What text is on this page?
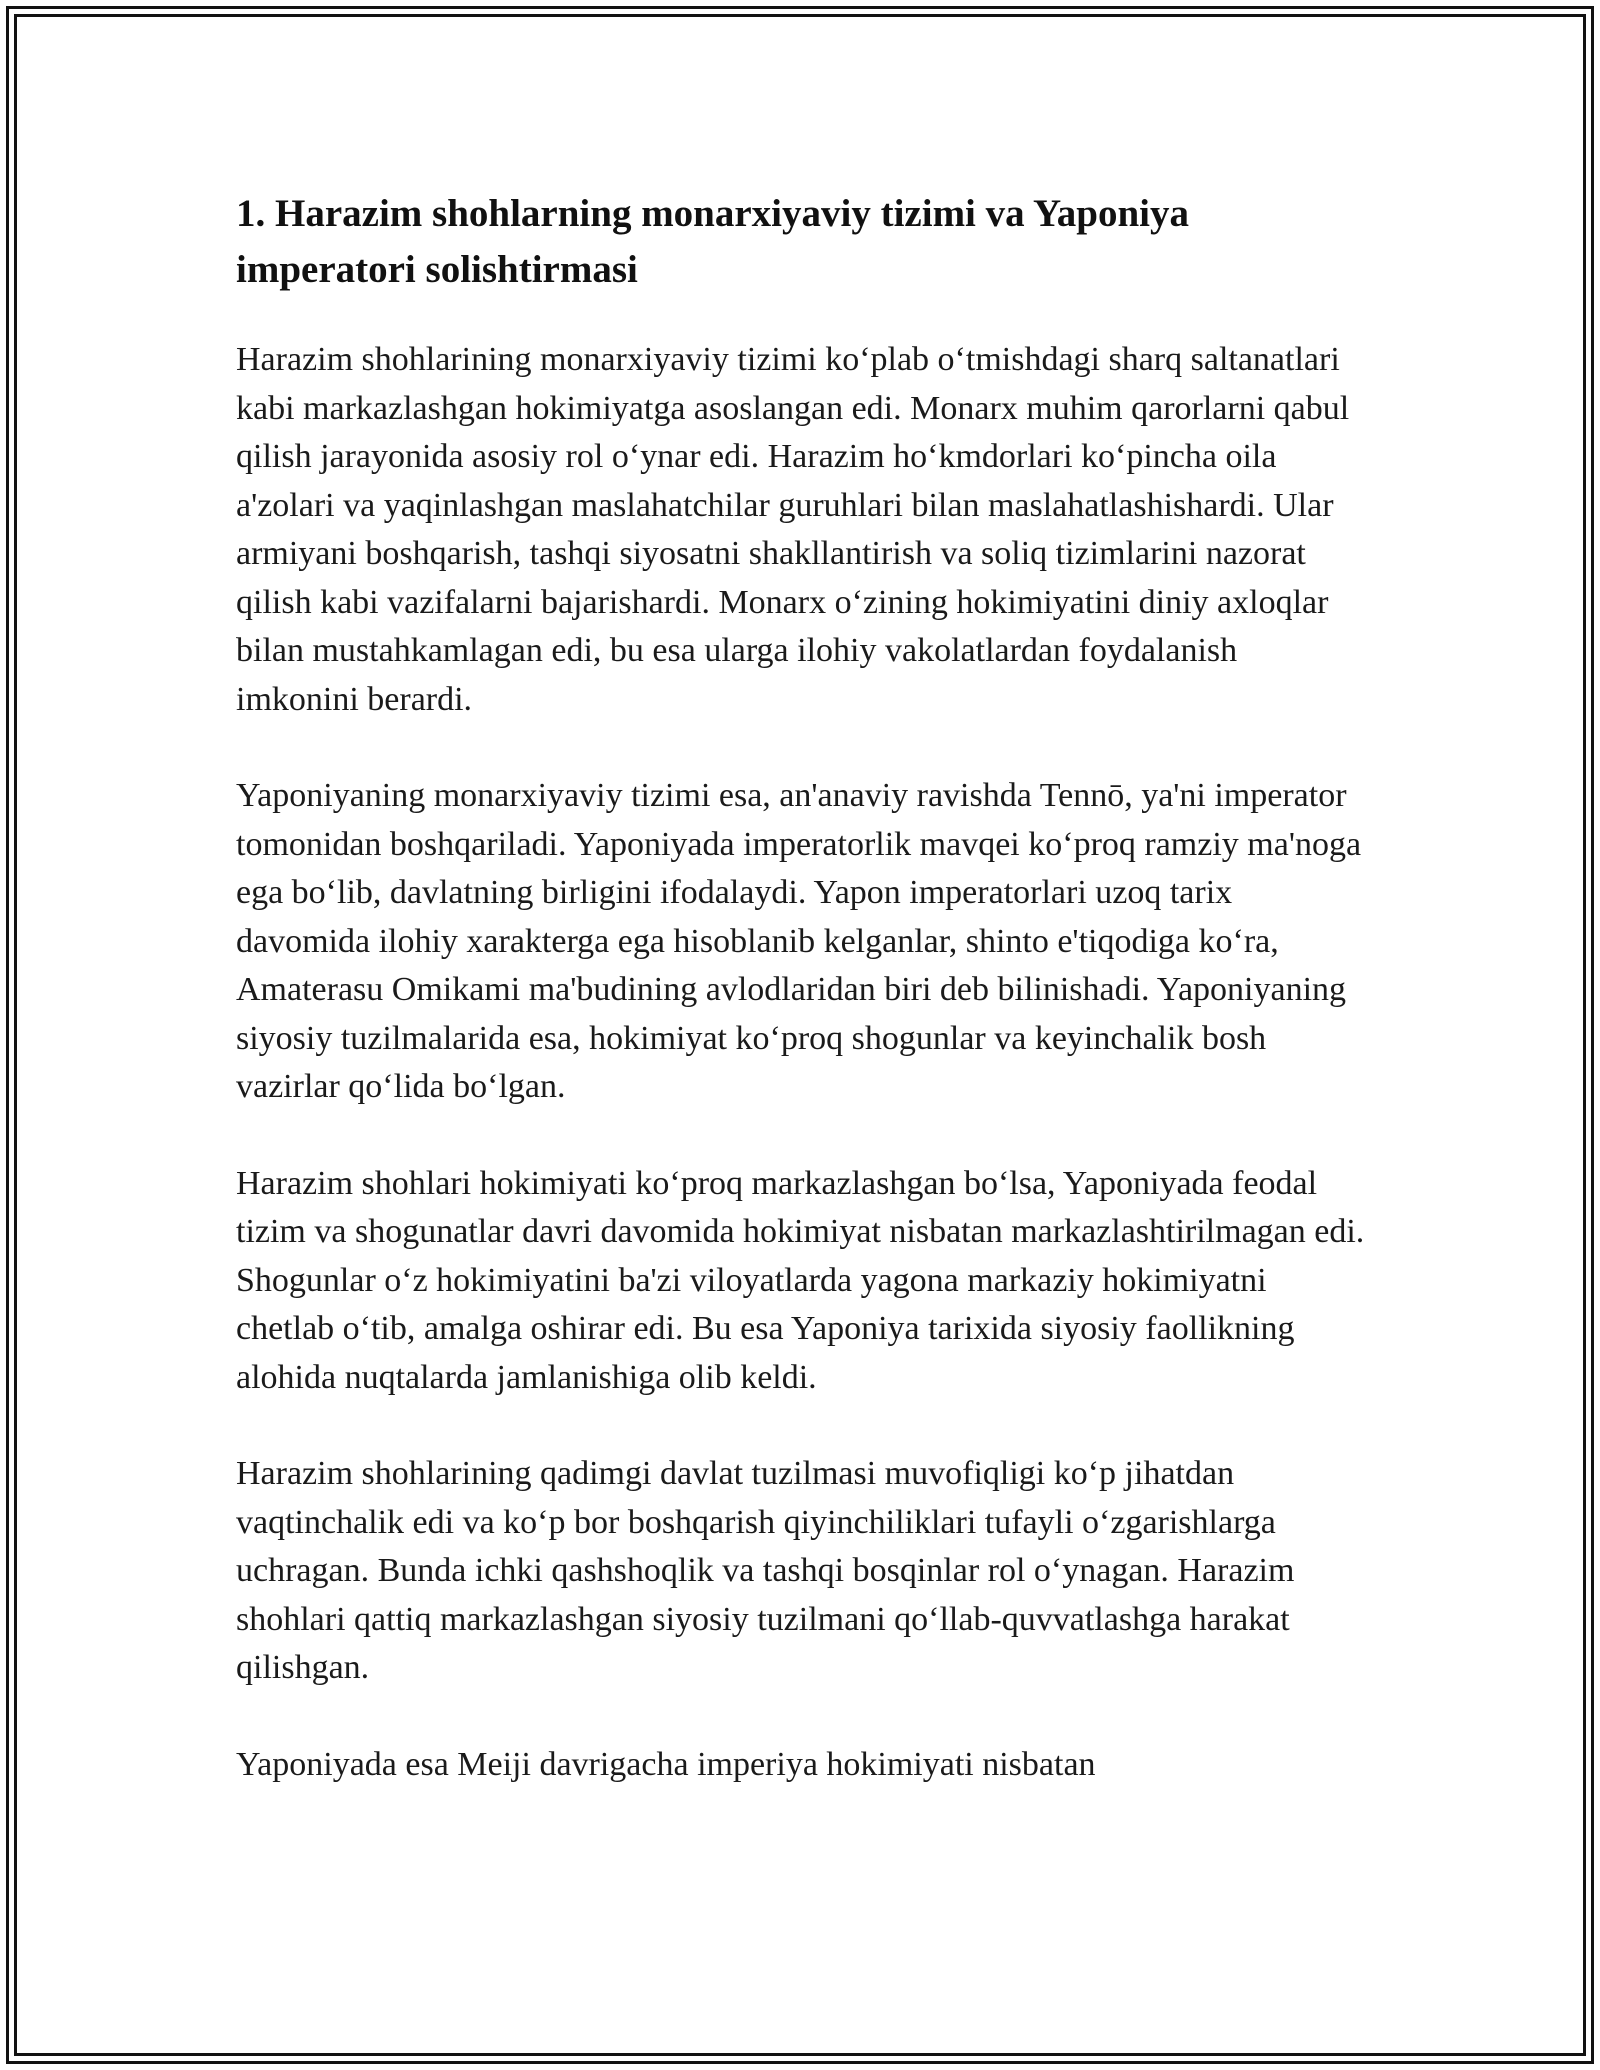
1. Harazim shohlarning monarxiyaviy tizimi va Yaponiya imperatori solishtirmasi

Harazim shohlarining monarxiyaviy tizimi ko‘plab o‘tmishdagi sharq saltanatlari kabi markazlashgan hokimiyatga asoslangan edi. Monarx muhim qarorlarni qabul qilish jarayonida asosiy rol o‘ynar edi. Harazim ho‘kmdorlari ko‘pincha oila a'zolari va yaqinlashgan maslahatchilar guruhlari bilan maslahatlashishardi. Ular armiyani boshqarish, tashqi siyosatni shakllantirish va soliq tizimlarini nazorat qilish kabi vazifalarni bajarishardi. Monarx o‘zining hokimiyatini diniy axloqlar bilan mustahkamlagan edi, bu esa ularga ilohiy vakolatlardan foydalanish imkonini berardi.

Yaponiyaning monarxiyaviy tizimi esa, an'anaviy ravishda Tennō, ya'ni imperator tomonidan boshqariladi. Yaponiyada imperatorlik mavqei ko‘proq ramziy ma'noga ega bo‘lib, davlatning birligini ifodalaydi. Yapon imperatorlari uzoq tarix davomida ilohiy xarakterga ega hisoblanib kelganlar, shinto e'tiqodiga ko‘ra, Amaterasu Omikami ma'budining avlodlaridan biri deb bilinishadi. Yaponiyaning siyosiy tuzilmalarida esa, hokimiyat ko‘proq shogunlar va keyinchalik bosh vazirlar qo‘lida bo‘lgan.

Harazim shohlari hokimiyati ko‘proq markazlashgan bo‘lsa, Yaponiyada feodal tizim va shogunatlar davri davomida hokimiyat nisbatan markazlashtirilmagan edi. Shogunlar o‘z hokimiyatini ba'zi viloyatlarda yagona markaziy hokimiyatni chetlab o‘tib, amalga oshirar edi. Bu esa Yaponiya tarixida siyosiy faollikning alohida nuqtalarda jamlanishiga olib keldi.

Harazim shohlarining qadimgi davlat tuzilmasi muvofiqligi ko‘p jihatdan vaqtinchalik edi va ko‘p bor boshqarish qiyinchiliklari tufayli o‘zgarishlarga uchragan. Bunda ichki qashshoqlik va tashqi bosqinlar rol o‘ynagan. Harazim shohlari qattiq markazlashgan siyosiy tuzilmani qo‘llab-quvvatlashga harakat qilishgan.

Yaponiyada esa Meiji davrigacha imperiya hokimiyati nisbatan
